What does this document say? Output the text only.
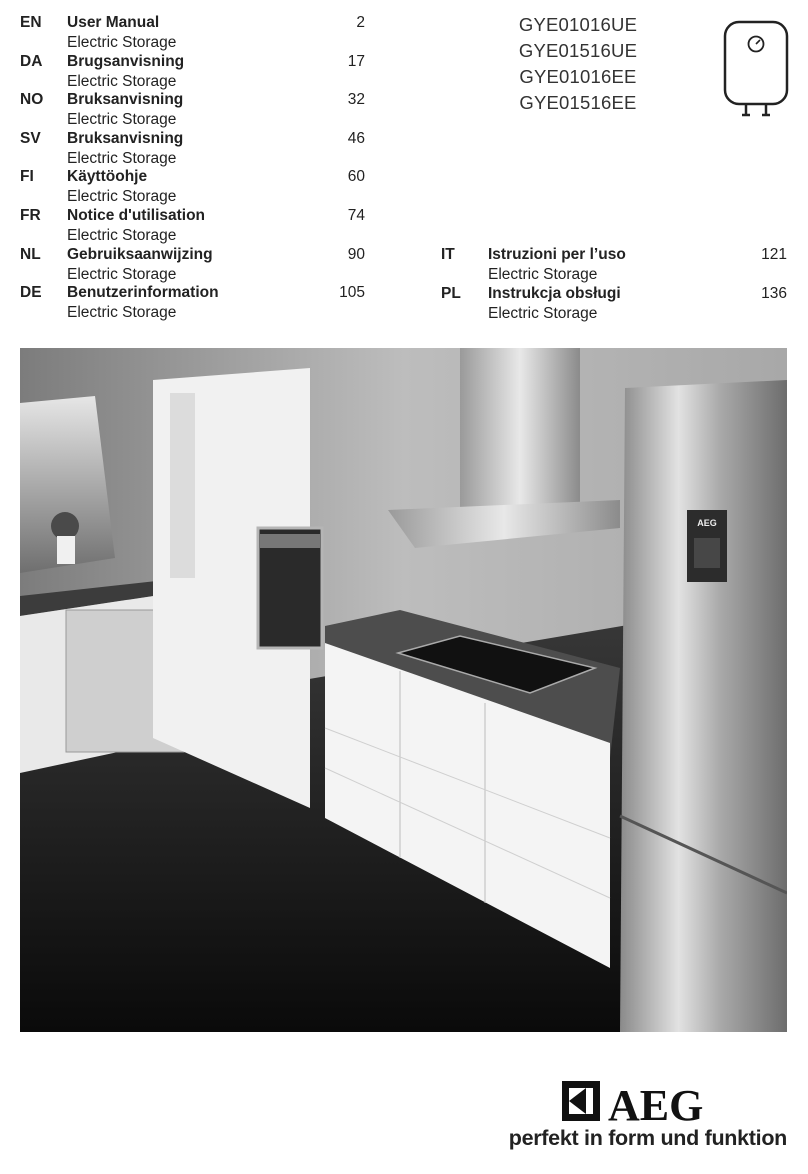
EN User Manual
Electric Storage
2
DA Brugsanvisning
Electric Storage
17
NO Bruksanvisning
Electric Storage
32
SV Bruksanvisning
Electric Storage
46
FI Käyttöohje
Electric Storage
60
FR Notice d'utilisation
Electric Storage
74
NL Gebruiksaanwijzing
Electric Storage
90
DE Benutzerinformation
Electric Storage
105
IT Istruzioni per l’uso
Electric Storage
121
PL Instrukcja obsługi
Electric Storage
136
GYE01016UE
GYE01516UE
GYE01016EE
GYE01516EE
AEG
AEG
perfekt in form und funktion
